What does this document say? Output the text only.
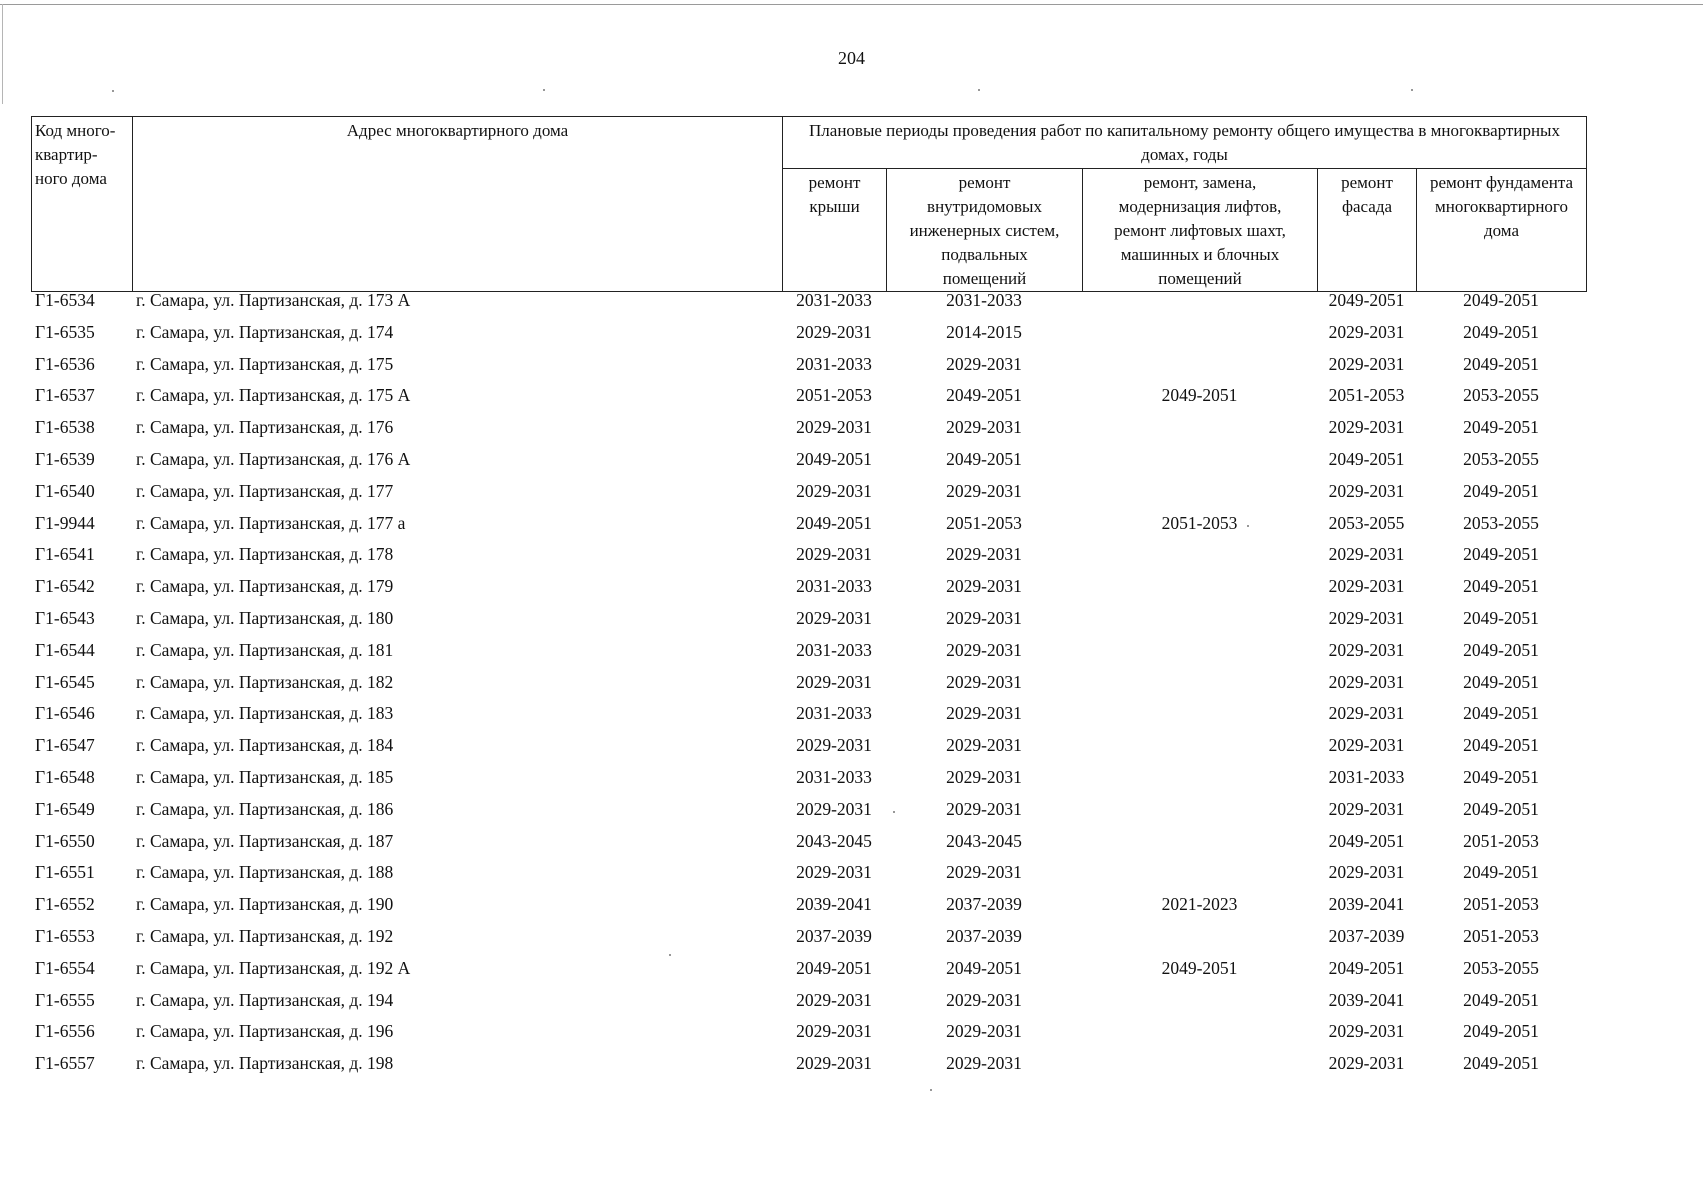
204
Код много-
квартир-
ного дома	Адрес многоквартирного дома	Плановые периоды проведения работ по капитальному ремонту общего имущества в многоквартирных домах, годы				
		ремонт
крыши	ремонт
внутридомовых
инженерных систем,
подвальных
помещений	ремонт, замена,
модернизация лифтов,
ремонт лифтовых шахт,
машинных и блочных
помещений	ремонт
фасада	ремонт фундамента
многоквартирного
дома
Г1-6534	г. Самара, ул. Партизанская, д. 173 А	2031-2033	2031-2033		2049-2051	2049-2051
Г1-6535	г. Самара, ул. Партизанская, д. 174	2029-2031	2014-2015		2029-2031	2049-2051
Г1-6536	г. Самара, ул. Партизанская, д. 175	2031-2033	2029-2031		2029-2031	2049-2051
Г1-6537	г. Самара, ул. Партизанская, д. 175 А	2051-2053	2049-2051	2049-2051	2051-2053	2053-2055
Г1-6538	г. Самара, ул. Партизанская, д. 176	2029-2031	2029-2031		2029-2031	2049-2051
Г1-6539	г. Самара, ул. Партизанская, д. 176 А	2049-2051	2049-2051		2049-2051	2053-2055
Г1-6540	г. Самара, ул. Партизанская, д. 177	2029-2031	2029-2031		2029-2031	2049-2051
Г1-9944	г. Самара, ул. Партизанская, д. 177 а	2049-2051	2051-2053	2051-2053	2053-2055	2053-2055
Г1-6541	г. Самара, ул. Партизанская, д. 178	2029-2031	2029-2031		2029-2031	2049-2051
Г1-6542	г. Самара, ул. Партизанская, д. 179	2031-2033	2029-2031		2029-2031	2049-2051
Г1-6543	г. Самара, ул. Партизанская, д. 180	2029-2031	2029-2031		2029-2031	2049-2051
Г1-6544	г. Самара, ул. Партизанская, д. 181	2031-2033	2029-2031		2029-2031	2049-2051
Г1-6545	г. Самара, ул. Партизанская, д. 182	2029-2031	2029-2031		2029-2031	2049-2051
Г1-6546	г. Самара, ул. Партизанская, д. 183	2031-2033	2029-2031		2029-2031	2049-2051
Г1-6547	г. Самара, ул. Партизанская, д. 184	2029-2031	2029-2031		2029-2031	2049-2051
Г1-6548	г. Самара, ул. Партизанская, д. 185	2031-2033	2029-2031		2031-2033	2049-2051
Г1-6549	г. Самара, ул. Партизанская, д. 186	2029-2031	2029-2031		2029-2031	2049-2051
Г1-6550	г. Самара, ул. Партизанская, д. 187	2043-2045	2043-2045		2049-2051	2051-2053
Г1-6551	г. Самара, ул. Партизанская, д. 188	2029-2031	2029-2031		2029-2031	2049-2051
Г1-6552	г. Самара, ул. Партизанская, д. 190	2039-2041	2037-2039	2021-2023	2039-2041	2051-2053
Г1-6553	г. Самара, ул. Партизанская, д. 192	2037-2039	2037-2039		2037-2039	2051-2053
Г1-6554	г. Самара, ул. Партизанская, д. 192 А	2049-2051	2049-2051	2049-2051	2049-2051	2053-2055
Г1-6555	г. Самара, ул. Партизанская, д. 194	2029-2031	2029-2031		2039-2041	2049-2051
Г1-6556	г. Самара, ул. Партизанская, д. 196	2029-2031	2029-2031		2029-2031	2049-2051
Г1-6557	г. Самара, ул. Партизанская, д. 198	2029-2031	2029-2031		2029-2031	2049-2051
